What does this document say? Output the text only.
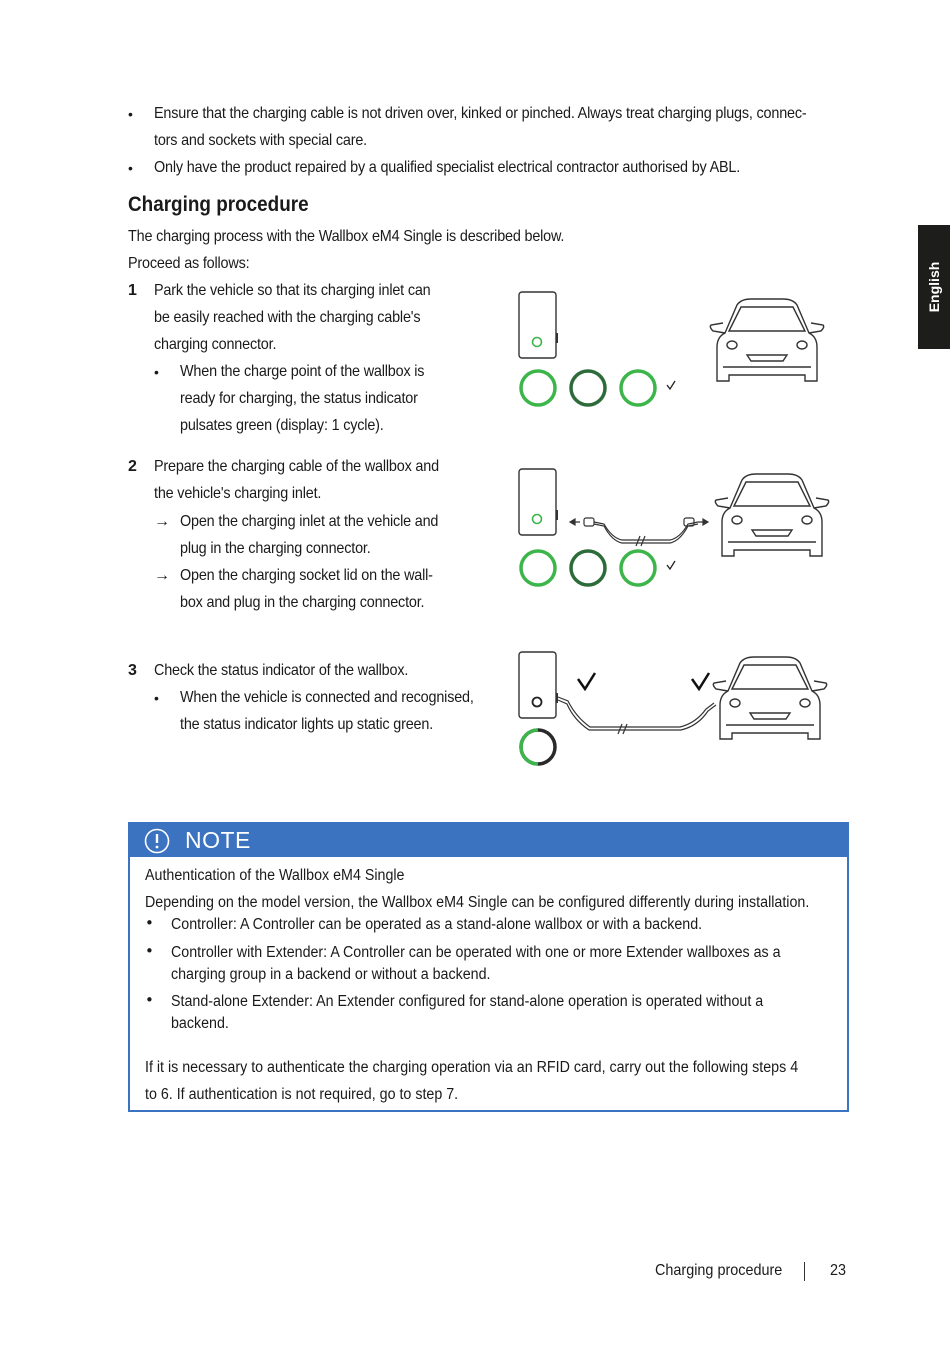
• Ensure that the charging cable is not driven over, kinked or pinched. Always treat charging plugs, connec-
tors and sockets with special care.
• Only have the product repaired by a qualified specialist electrical contractor authorised by ABL.
Charging procedure
The charging process with the Wallbox eM4 Single is described below.
Proceed as follows:
1 Park the vehicle so that its charging inlet can
be easily reached with the charging cable's
charging connector.
• When the charge point of the wallbox is
ready for charging, the status indicator
pulsates green (display: 1 cycle).
2 Prepare the charging cable of the wallbox and
the vehicle's charging inlet.
→ Open the charging inlet at the vehicle and
plug in the charging connector.
→ Open the charging socket lid on the wall-
box and plug in the charging connector.
3 Check the status indicator of the wallbox.
• When the vehicle is connected and recognised,
the status indicator lights up static green.
English
NOTE
Authentication of the Wallbox eM4 Single
Depending on the model version, the Wallbox eM4 Single can be configured differently during installation.
• Controller: A Controller can be operated as a stand-alone wallbox or with a backend.
• Controller with Extender: A Controller can be operated with one or more Extender wallboxes as a
charging group in a backend or without a backend.
• Stand-alone Extender: An Extender configured for stand-alone operation is operated without a
backend.
If it is necessary to authenticate the charging operation via an RFID card, carry out the following steps 4
to 6. If authentication is not required, go to step 7.
Charging procedure	23
